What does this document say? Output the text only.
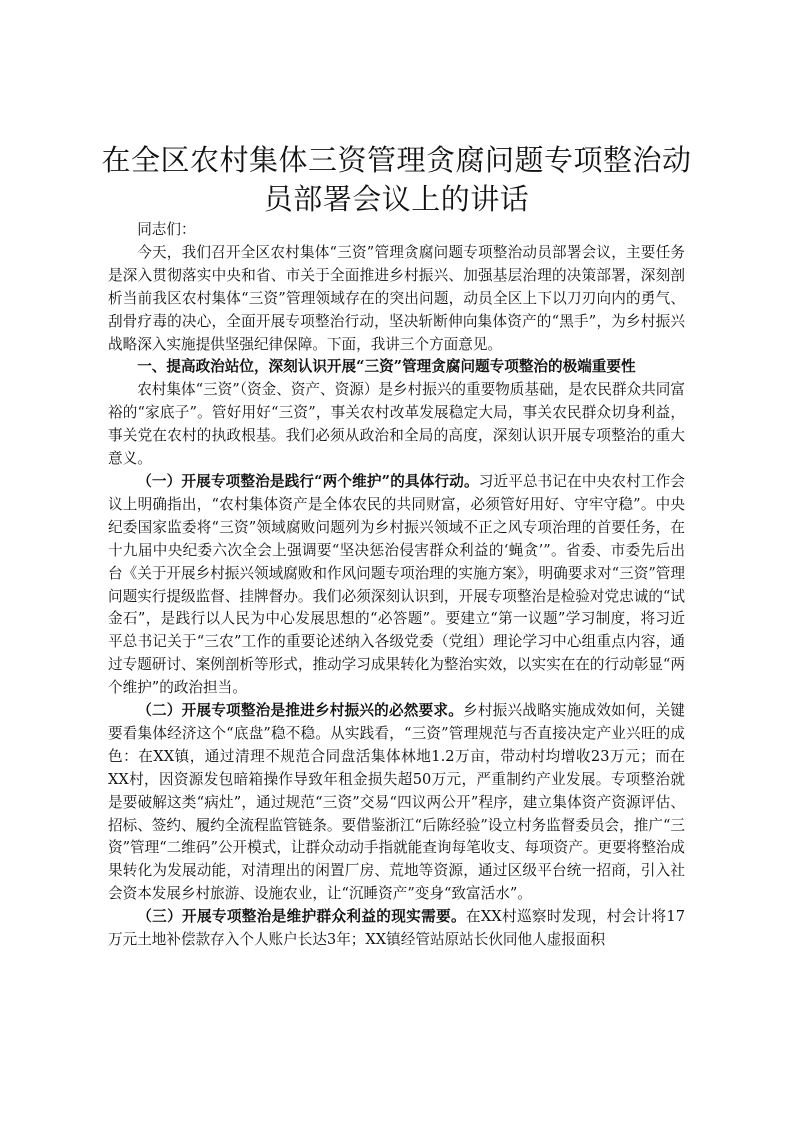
在全区农村集体三资管理贪腐问题专项整治动员部署会议上的讲话

同志们：

今天，我们召开全区农村集体“三资”管理贪腐问题专项整治动员部署会议，主要任务是深入贯彻落实中央和省、市关于全面推进乡村振兴、加强基层治理的决策部署，深刻剖析当前我区农村集体“三资”管理领域存在的突出问题，动员全区上下以刀刃向内的勇气、刮骨疗毒的决心，全面开展专项整治行动，坚决斩断伸向集体资产的“黑手”，为乡村振兴战略深入实施提供坚强纪律保障。下面，我讲三个方面意见。

一、提高政治站位，深刻认识开展“三资”管理贪腐问题专项整治的极端重要性

农村集体“三资”（资金、资产、资源）是乡村振兴的重要物质基础，是农民群众共同富裕的“家底子”。管好用好“三资”，事关农村改革发展稳定大局，事关农民群众切身利益，事关党在农村的执政根基。我们必须从政治和全局的高度，深刻认识开展专项整治的重大意义。

（一）开展专项整治是践行“两个维护”的具体行动。习近平总书记在中央农村工作会议上明确指出，“农村集体资产是全体农民的共同财富，必须管好用好、守牢守稳”。中央纪委国家监委将“三资”领域腐败问题列为乡村振兴领域不正之风专项治理的首要任务，在十九届中央纪委六次全会上强调要“坚决惩治侵害群众利益的‘蝇贪’”。省委、市委先后出台《关于开展乡村振兴领域腐败和作风问题专项治理的实施方案》，明确要求对“三资”管理问题实行提级监督、挂牌督办。我们必须深刻认识到，开展专项整治是检验对党忠诚的“试金石”，是践行以人民为中心发展思想的“必答题”。要建立“第一议题”学习制度，将习近平总书记关于“三农”工作的重要论述纳入各级党委（党组）理论学习中心组重点内容，通过专题研讨、案例剖析等形式，推动学习成果转化为整治实效，以实实在在的行动彰显“两个维护”的政治担当。

（二）开展专项整治是推进乡村振兴的必然要求。乡村振兴战略实施成效如何，关键要看集体经济这个“底盘”稳不稳。从实践看，“三资”管理规范与否直接决定产业兴旺的成色：在XX镇，通过清理不规范合同盘活集体林地1.2万亩，带动村均增收23万元；而在XX村，因资源发包暗箱操作导致年租金损失超50万元，严重制约产业发展。专项整治就是要破解这类“病灶”，通过规范“三资”交易“四议两公开”程序，建立集体资产资源评估、招标、签约、履约全流程监管链条。要借鉴浙江“后陈经验”设立村务监督委员会，推广“三资”管理“二维码”公开模式，让群众动动手指就能查询每笔收支、每项资产。更要将整治成果转化为发展动能，对清理出的闲置厂房、荒地等资源，通过区级平台统一招商，引入社会资本发展乡村旅游、设施农业，让“沉睡资产”变身“致富活水”。

（三）开展专项整治是维护群众利益的现实需要。在XX村巡察时发现，村会计将17万元土地补偿款存入个人账户长达3年；XX镇经管站原站长伙同他人虚报面积
